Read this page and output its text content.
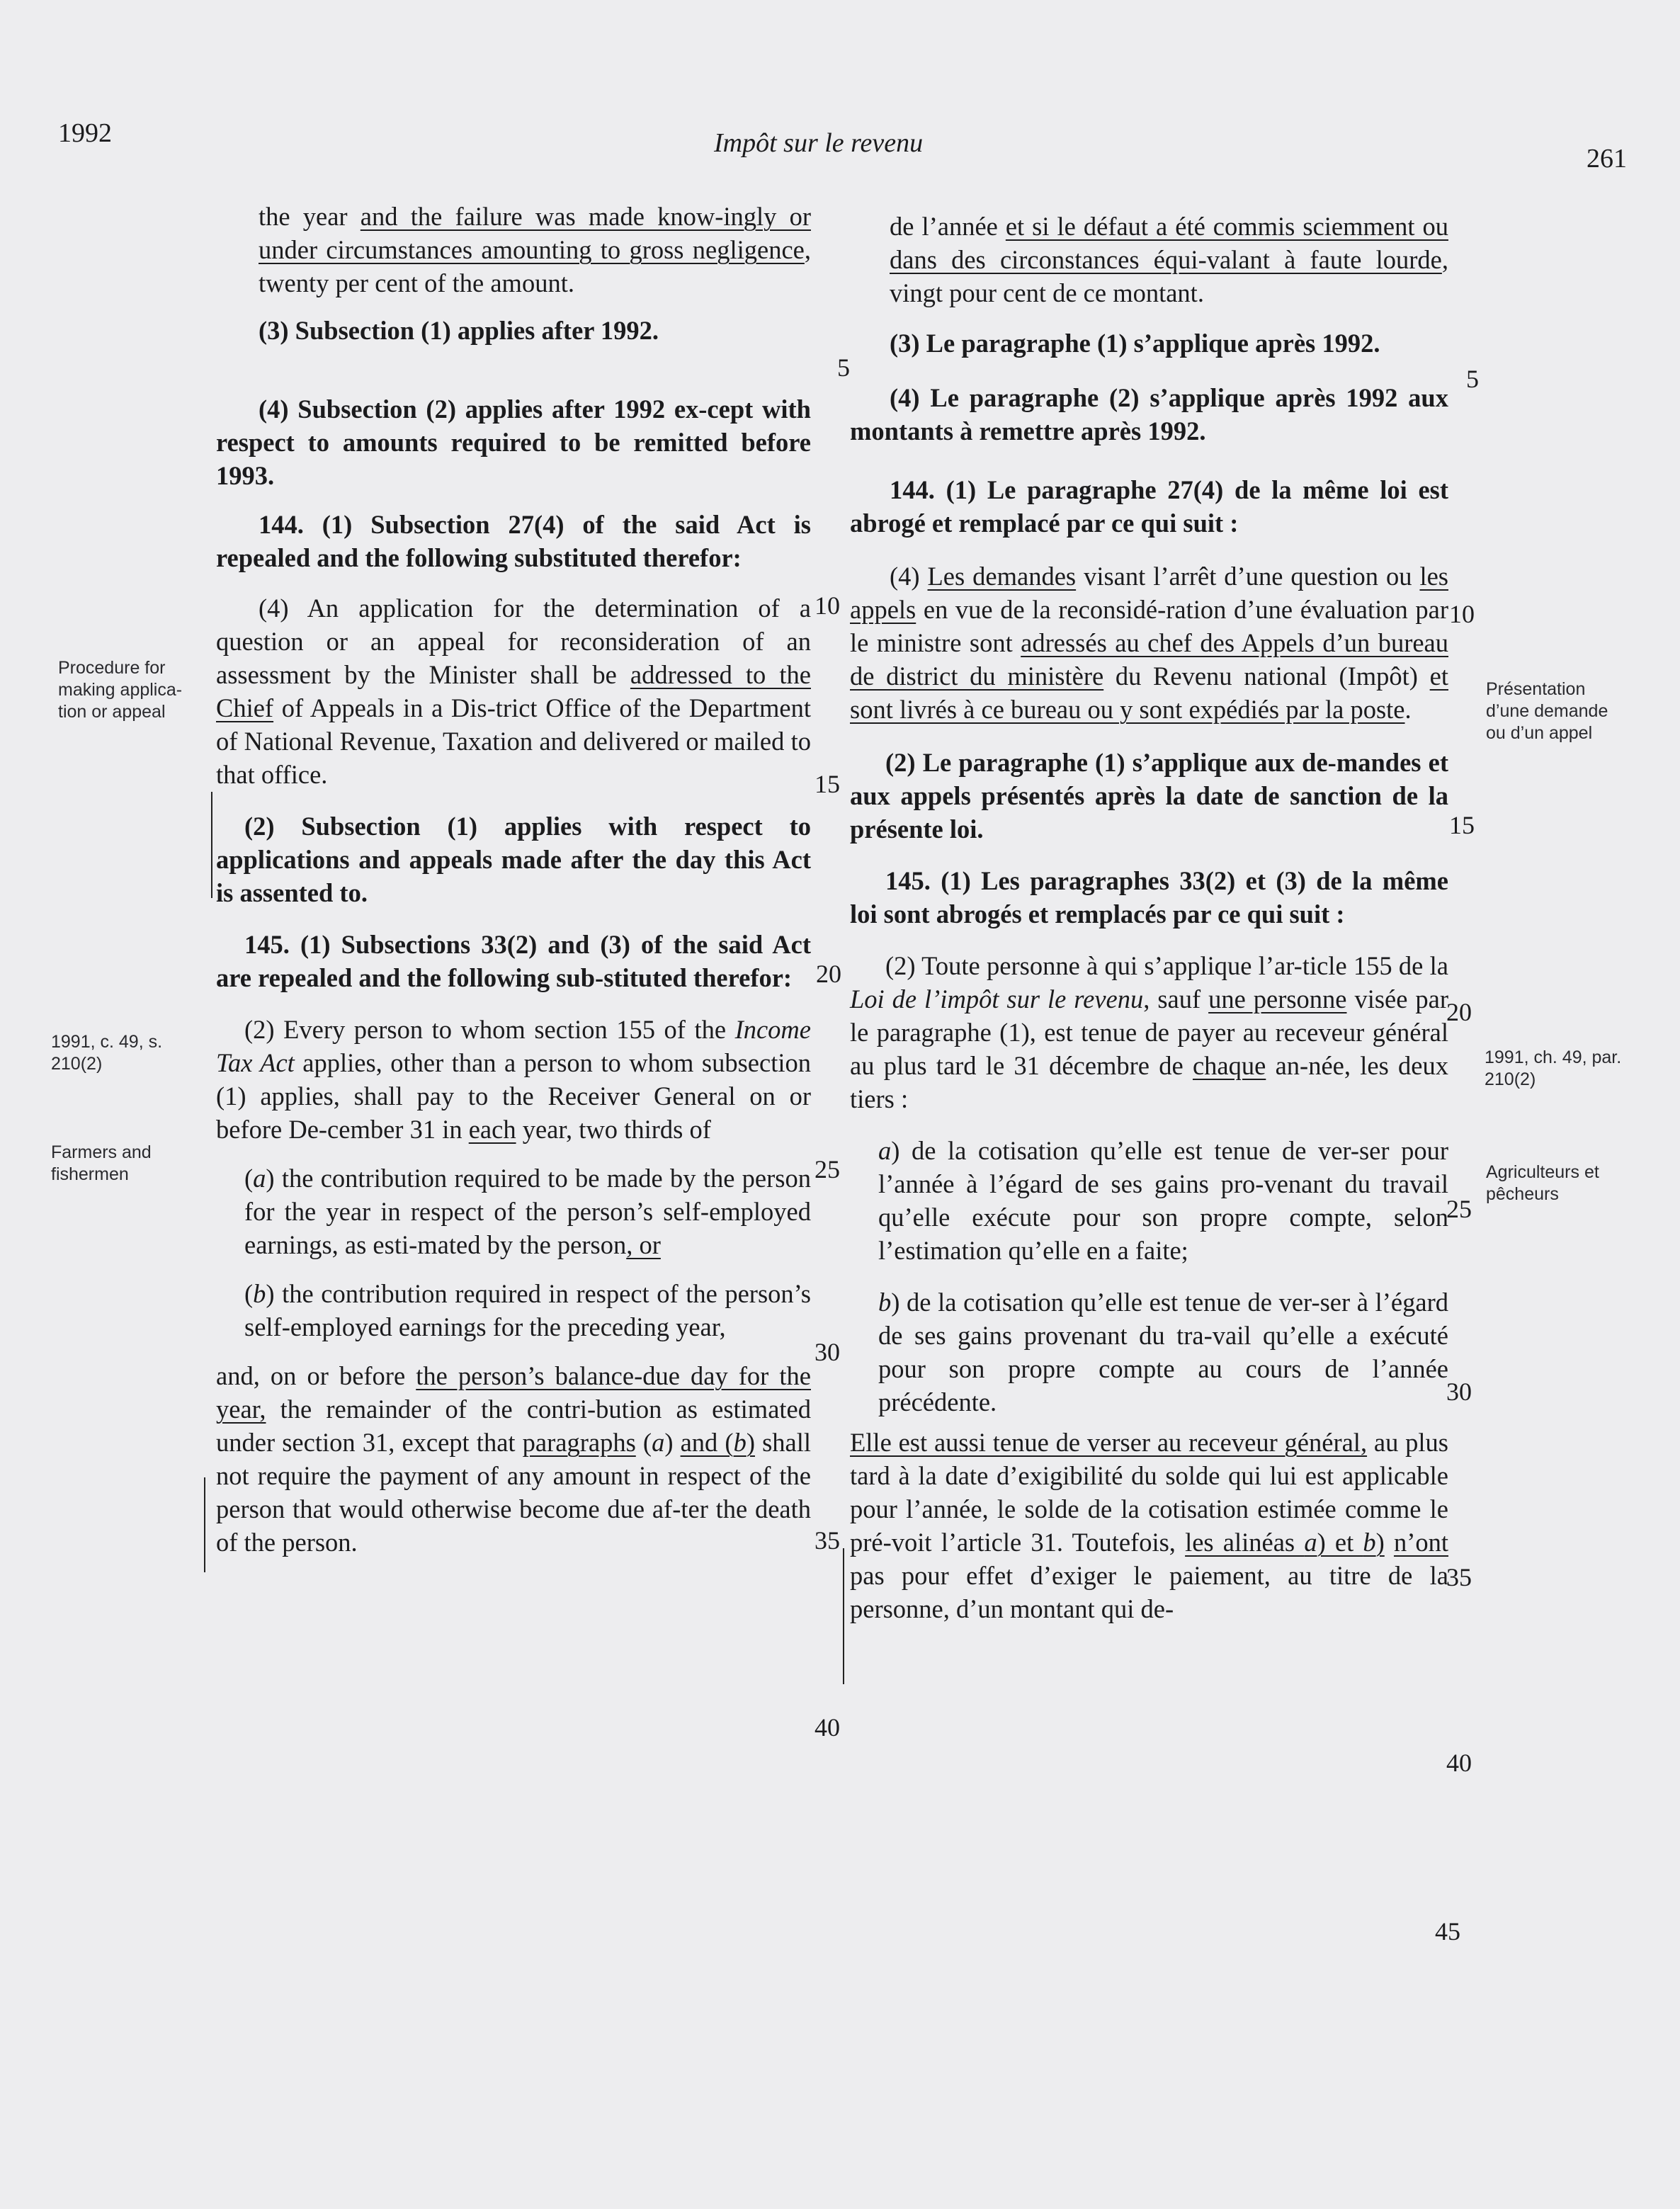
1992	Impôt sur le revenu
261

the year and the failure was made know-ingly or under circumstances amounting to gross negligence, twenty per cent of the amount.

(3) Subsection (1) applies after 1992.

(4) Subsection (2) applies after 1992 ex-cept with respect to amounts required to be remitted before 1993.

144. (1) Subsection 27(4) of the said Act is repealed and the following substituted therefor:

(4) An application for the determination of a question or an appeal for reconsideration of an assessment by the Minister shall be addressed to the Chief of Appeals in a Dis-trict Office of the Department of National Revenue, Taxation and delivered or mailed to that office.

(2) Subsection (1) applies with respect to applications and appeals made after the day this Act is assented to.

145. (1) Subsections 33(2) and (3) of the said Act are repealed and the following sub-stituted therefor:

(2) Every person to whom section 155 of the Income Tax Act applies, other than a person to whom subsection (1) applies, shall pay to the Receiver General on or before De-cember 31 in each year, two thirds of

(a) the contribution required to be made by the person for the year in respect of the person’s self-employed earnings, as esti-mated by the person, or

(b) the contribution required in respect of the person’s self-employed earnings for the preceding year,

and, on or before the person’s balance-due day for the year, the remainder of the contri-bution as estimated under section 31, except that paragraphs (a) and (b) shall not require the payment of any amount in respect of the person that would otherwise become due af-ter the death of the person.

de l’année et si le défaut a été commis sciemment ou dans des circonstances équi-valant à faute lourde, vingt pour cent de ce montant.

(3) Le paragraphe (1) s’applique après 1992.

(4) Le paragraphe (2) s’applique après 1992 aux montants à remettre après 1992.

144. (1) Le paragraphe 27(4) de la même loi est abrogé et remplacé par ce qui suit :

(4) Les demandes visant l’arrêt d’une question ou les appels en vue de la reconsidé-ration d’une évaluation par le ministre sont adressés au chef des Appels d’un bureau de district du ministère du Revenu national (Impôt) et sont livrés à ce bureau ou y sont expédiés par la poste.

(2) Le paragraphe (1) s’applique aux de-mandes et aux appels présentés après la date de sanction de la présente loi.

145. (1) Les paragraphes 33(2) et (3) de la même loi sont abrogés et remplacés par ce qui suit :

(2) Toute personne à qui s’applique l’ar-ticle 155 de la Loi de l’impôt sur le revenu, sauf une personne visée par le paragraphe (1), est tenue de payer au receveur général au plus tard le 31 décembre de chaque an-née, les deux tiers :

a) de la cotisation qu’elle est tenue de ver-ser pour l’année à l’égard de ses gains pro-venant du travail qu’elle exécute pour son propre compte, selon l’estimation qu’elle en a faite;

b) de la cotisation qu’elle est tenue de ver-ser à l’égard de ses gains provenant du tra-vail qu’elle a exécuté pour son propre compte au cours de l’année précédente.

Elle est aussi tenue de verser au receveur général, au plus tard à la date d’exigibilité du solde qui lui est applicable pour l’année, le solde de la cotisation estimée comme le pré-voit l’article 31. Toutefois, les alinéas a) et b) n’ont pas pour effet d’exiger le paiement, au titre de la personne, d’un montant qui de-

Procedure for making applica-tion or appeal
1991, c. 49, s. 210(2)
Farmers and fishermen
Présentation d’une demande ou d’un appel
1991, ch. 49, par. 210(2)
Agriculteurs et pêcheurs
5
10
15
20
25
30
35
40
5
10
15
20
25
30
35
40
45
